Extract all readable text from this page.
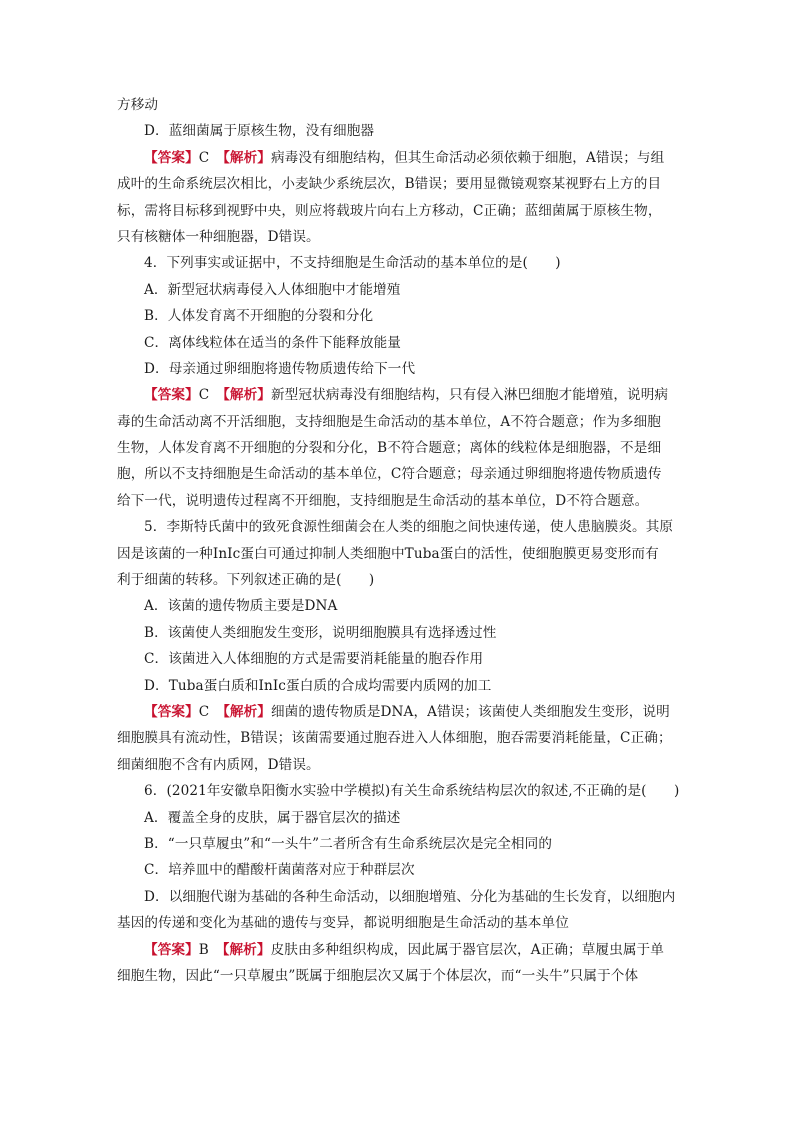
方移动
D．蓝细菌属于原核生物，没有细胞器
【答案】C　 【解析】病毒没有细胞结构，但其生命活动必须依赖于细胞，A错误；与组
成叶的生命系统层次相比，小麦缺少系统层次，B错误；要用显微镜观察某视野右上方的目
标，需将目标移到视野中央，则应将载玻片向右上方移动，C正确；蓝细菌属于原核生物，
只有核糖体一种细胞器，D错误。
4．下列事实或证据中，不支持细胞是生命活动的基本单位的是(　　)
A．新型冠状病毒侵入人体细胞中才能增殖
B．人体发育离不开细胞的分裂和分化
C．离体线粒体在适当的条件下能释放能量
D．母亲通过卵细胞将遗传物质遗传给下一代
【答案】C　 【解析】新型冠状病毒没有细胞结构，只有侵入淋巴细胞才能增殖，说明病
毒的生命活动离不开活细胞，支持细胞是生命活动的基本单位，A不符合题意；作为多细胞
生物，人体发育离不开细胞的分裂和分化，B不符合题意；离体的线粒体是细胞器，不是细
胞，所以不支持细胞是生命活动的基本单位，C符合题意；母亲通过卵细胞将遗传物质遗传
给下一代，说明遗传过程离不开细胞，支持细胞是生命活动的基本单位，D不符合题意。
5．李斯特氏菌中的致死食源性细菌会在人类的细胞之间快速传递，使人患脑膜炎。其原
因是该菌的一种InIc蛋白可通过抑制人类细胞中Tuba蛋白的活性，使细胞膜更易变形而有
利于细菌的转移。下列叙述正确的是(　　)
A．该菌的遗传物质主要是DNA
B．该菌使人类细胞发生变形，说明细胞膜具有选择透过性
C．该菌进入人体细胞的方式是需要消耗能量的胞吞作用
D．Tuba蛋白质和InIc蛋白质的合成均需要内质网的加工
【答案】C　 【解析】细菌的遗传物质是DNA，A错误；该菌使人类细胞发生变形，说明
细胞膜具有流动性，B错误；该菌需要通过胞吞进入人体细胞，胞吞需要消耗能量，C正确；
细菌细胞不含有内质网，D错误。
6．(2021年安徽阜阳衡水实验中学模拟)有关生命系统结构层次的叙述,不正确的是(　　)
A．覆盖全身的皮肤，属于器官层次的描述
B．“一只草履虫”和“一头牛”二者所含有生命系统层次是完全相同的
C．培养皿中的醋酸杆菌菌落对应于种群层次
D．以细胞代谢为基础的各种生命活动，以细胞增殖、分化为基础的生长发育，以细胞内
基因的传递和变化为基础的遗传与变异，都说明细胞是生命活动的基本单位
【答案】B　 【解析】皮肤由多种组织构成，因此属于器官层次，A正确；草履虫属于单
细胞生物，因此“一只草履虫”既属于细胞层次又属于个体层次，而“一头牛”只属于个体
